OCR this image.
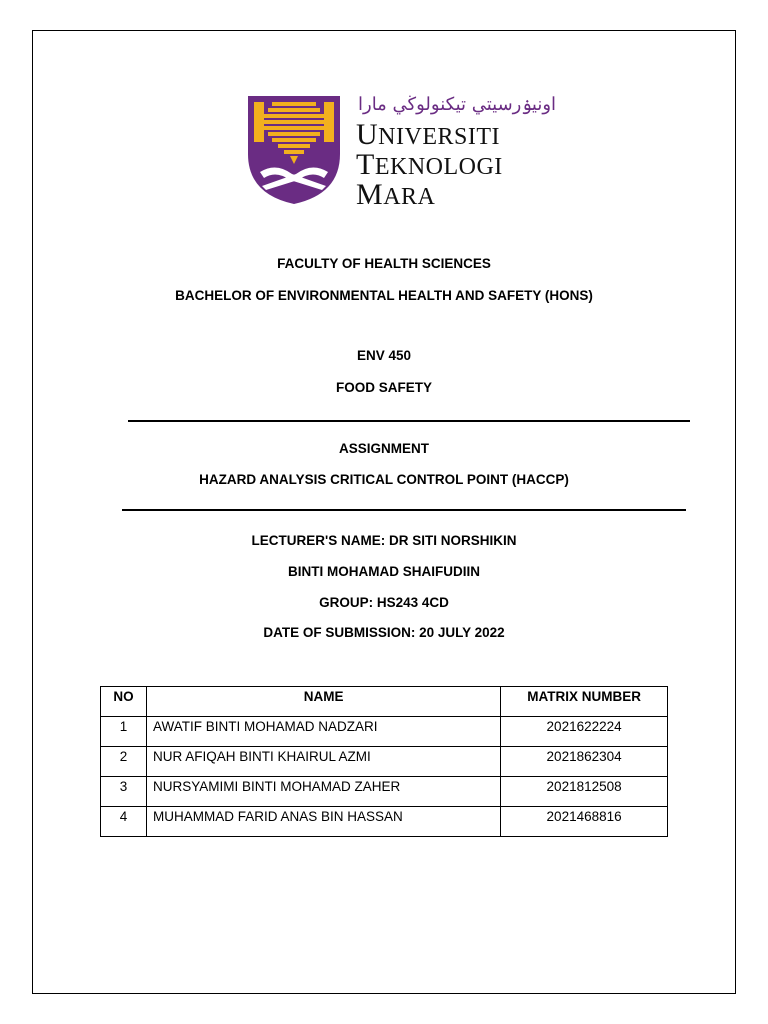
اونيۏرسيتي تيكنولوڬي مارا
UNIVERSITI
TEKNOLOGI
MARA
FACULTY OF HEALTH SCIENCES
BACHELOR OF ENVIRONMENTAL HEALTH AND SAFETY (HONS)
ENV 450
FOOD SAFETY
ASSIGNMENT
HAZARD ANALYSIS CRITICAL CONTROL POINT (HACCP)
LECTURER'S NAME: DR SITI NORSHIKIN
BINTI MOHAMAD SHAIFUDIIN
GROUP: HS243 4CD
DATE OF SUBMISSION: 20 JULY 2022
NO	NAME	MATRIX NUMBER
1	AWATIF BINTI MOHAMAD NADZARI	2021622224
2	NUR AFIQAH BINTI KHAIRUL AZMI	2021862304
3	NURSYAMIMI BINTI MOHAMAD ZAHER	2021812508
4	MUHAMMAD FARID ANAS BIN HASSAN	2021468816
